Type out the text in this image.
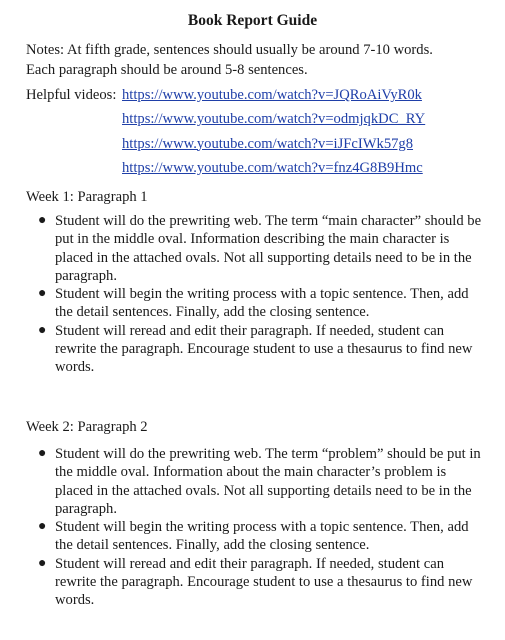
Book Report Guide
Notes: At fifth grade, sentences should usually be around 7-10 words.
Each paragraph should be around 5-8 sentences.
Helpful videos: https://www.youtube.com/watch?v=JQRoAiVyR0k
https://www.youtube.com/watch?v=odmjqkDC_RY
https://www.youtube.com/watch?v=iJFcIWk57g8
https://www.youtube.com/watch?v=fnz4G8B9Hmc
Week 1: Paragraph 1
● Student will do the prewriting web. The term “main character” should be put in the middle oval. Information describing the main character is placed in the attached ovals. Not all supporting details need to be in the paragraph.
● Student will begin the writing process with a topic sentence. Then, add the detail sentences. Finally, add the closing sentence.
● Student will reread and edit their paragraph. If needed, student can rewrite the paragraph. Encourage student to use a thesaurus to find new words.
Week 2: Paragraph 2
● Student will do the prewriting web. The term “problem” should be put in the middle oval. Information about the main character’s problem is placed in the attached ovals. Not all supporting details need to be in the paragraph.
● Student will begin the writing process with a topic sentence. Then, add the detail sentences. Finally, add the closing sentence.
● Student will reread and edit their paragraph. If needed, student can rewrite the paragraph. Encourage student to use a thesaurus to find new words.
